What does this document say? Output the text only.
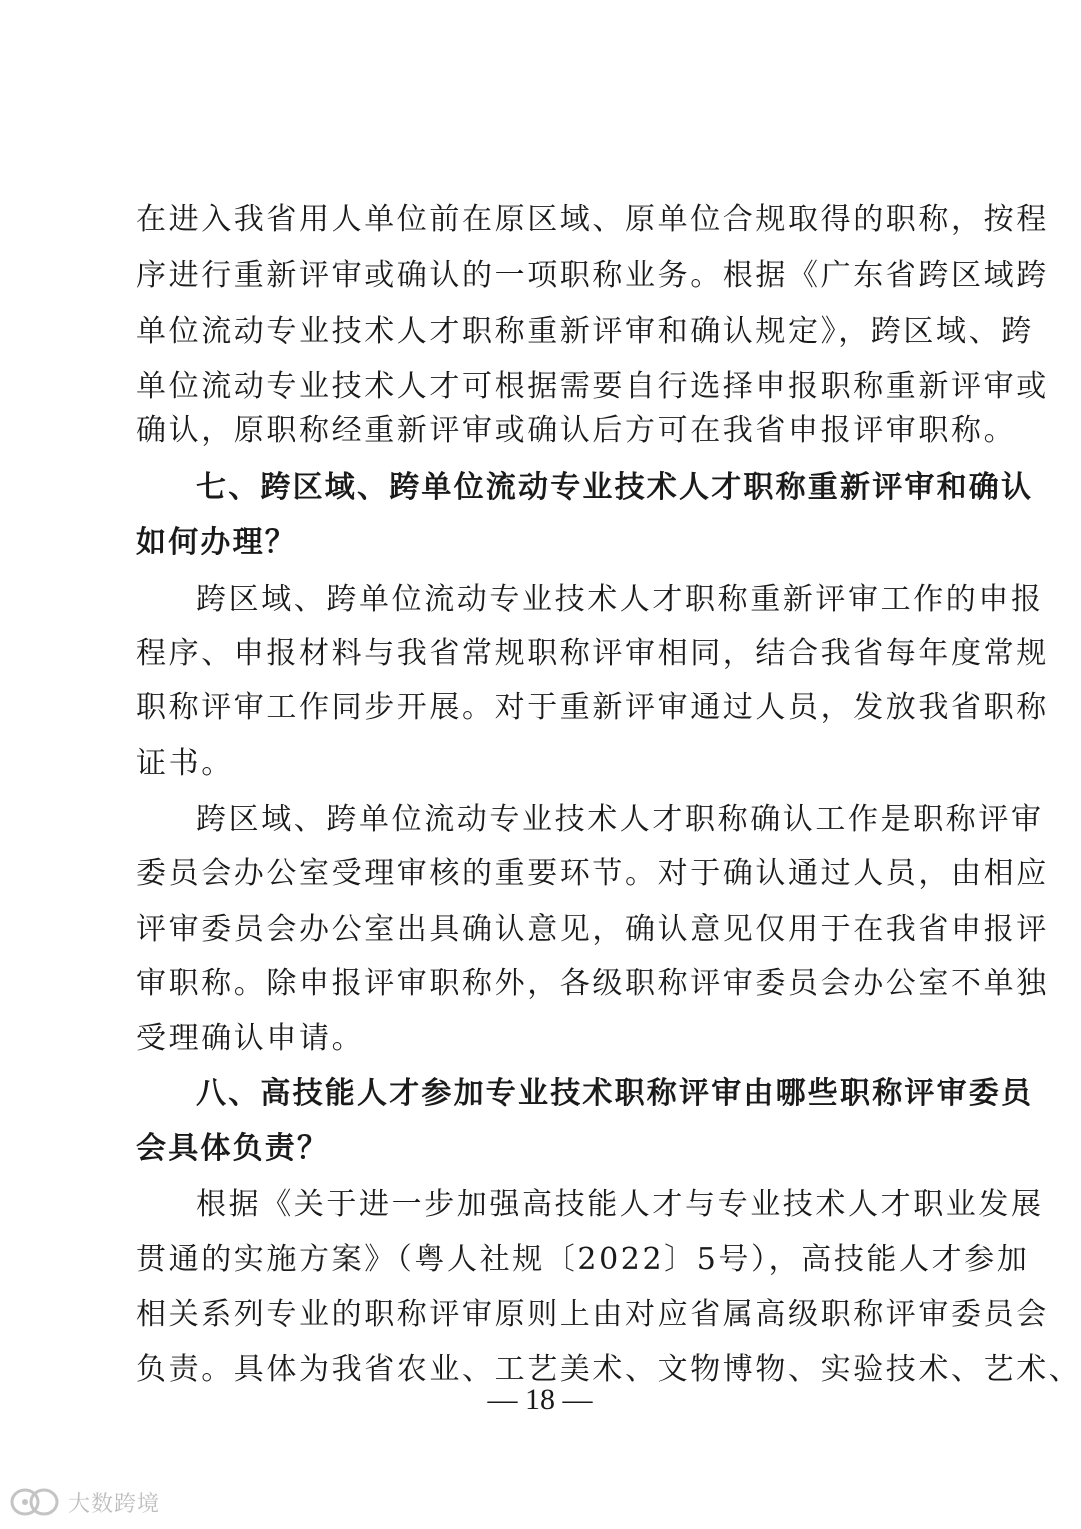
在进入我省用人单位前在原区域、原单位合规取得的职称，按程
序进行重新评审或确认的一项职称业务。根据《广东省跨区域跨
单位流动专业技术人才职称重新评审和确认规定》，跨区域、跨
单位流动专业技术人才可根据需要自行选择申报职称重新评审或
确认，原职称经重新评审或确认后方可在我省申报评审职称。
七、跨区域、跨单位流动专业技术人才职称重新评审和确认
如何办理？
跨区域、跨单位流动专业技术人才职称重新评审工作的申报
程序、申报材料与我省常规职称评审相同，结合我省每年度常规
职称评审工作同步开展。对于重新评审通过人员，发放我省职称
证书。
跨区域、跨单位流动专业技术人才职称确认工作是职称评审
委员会办公室受理审核的重要环节。对于确认通过人员，由相应
评审委员会办公室出具确认意见，确认意见仅用于在我省申报评
审职称。除申报评审职称外，各级职称评审委员会办公室不单独
受理确认申请。
八、高技能人才参加专业技术职称评审由哪些职称评审委员
会具体负责？
根据《关于进一步加强高技能人才与专业技术人才职业发展
贯通的实施方案》（粤人社规〔2022〕5号），高技能人才参加
相关系列专业的职称评审原则上由对应省属高级职称评审委员会
负责。具体为我省农业、工艺美术、文物博物、实验技术、艺术、
— 18 —
大数跨境
